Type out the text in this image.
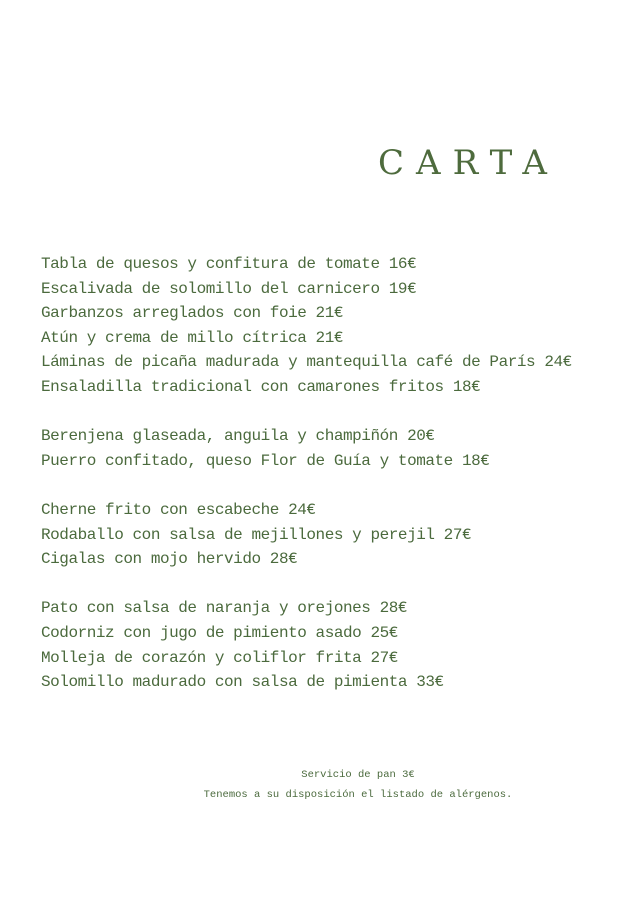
CARTA
Tabla de quesos y confitura de tomate 16€
Escalivada de solomillo del carnicero 19€
Garbanzos arreglados con foie 21€
Atún y crema de millo cítrica 21€
Láminas de picaña madurada y mantequilla café de París 24€
Ensaladilla tradicional con camarones fritos 18€
Berenjena glaseada, anguila y champiñón 20€
Puerro confitado, queso Flor de Guía y tomate 18€
Cherne frito con escabeche 24€
Rodaballo con salsa de mejillones y perejil 27€
Cigalas con mojo hervido 28€
Pato con salsa de naranja y orejones 28€
Codorniz con jugo de pimiento asado 25€
Molleja de corazón y coliflor frita 27€
Solomillo madurado con salsa de pimienta 33€
Servicio de pan 3€
Tenemos a su disposición el listado de alérgenos.
